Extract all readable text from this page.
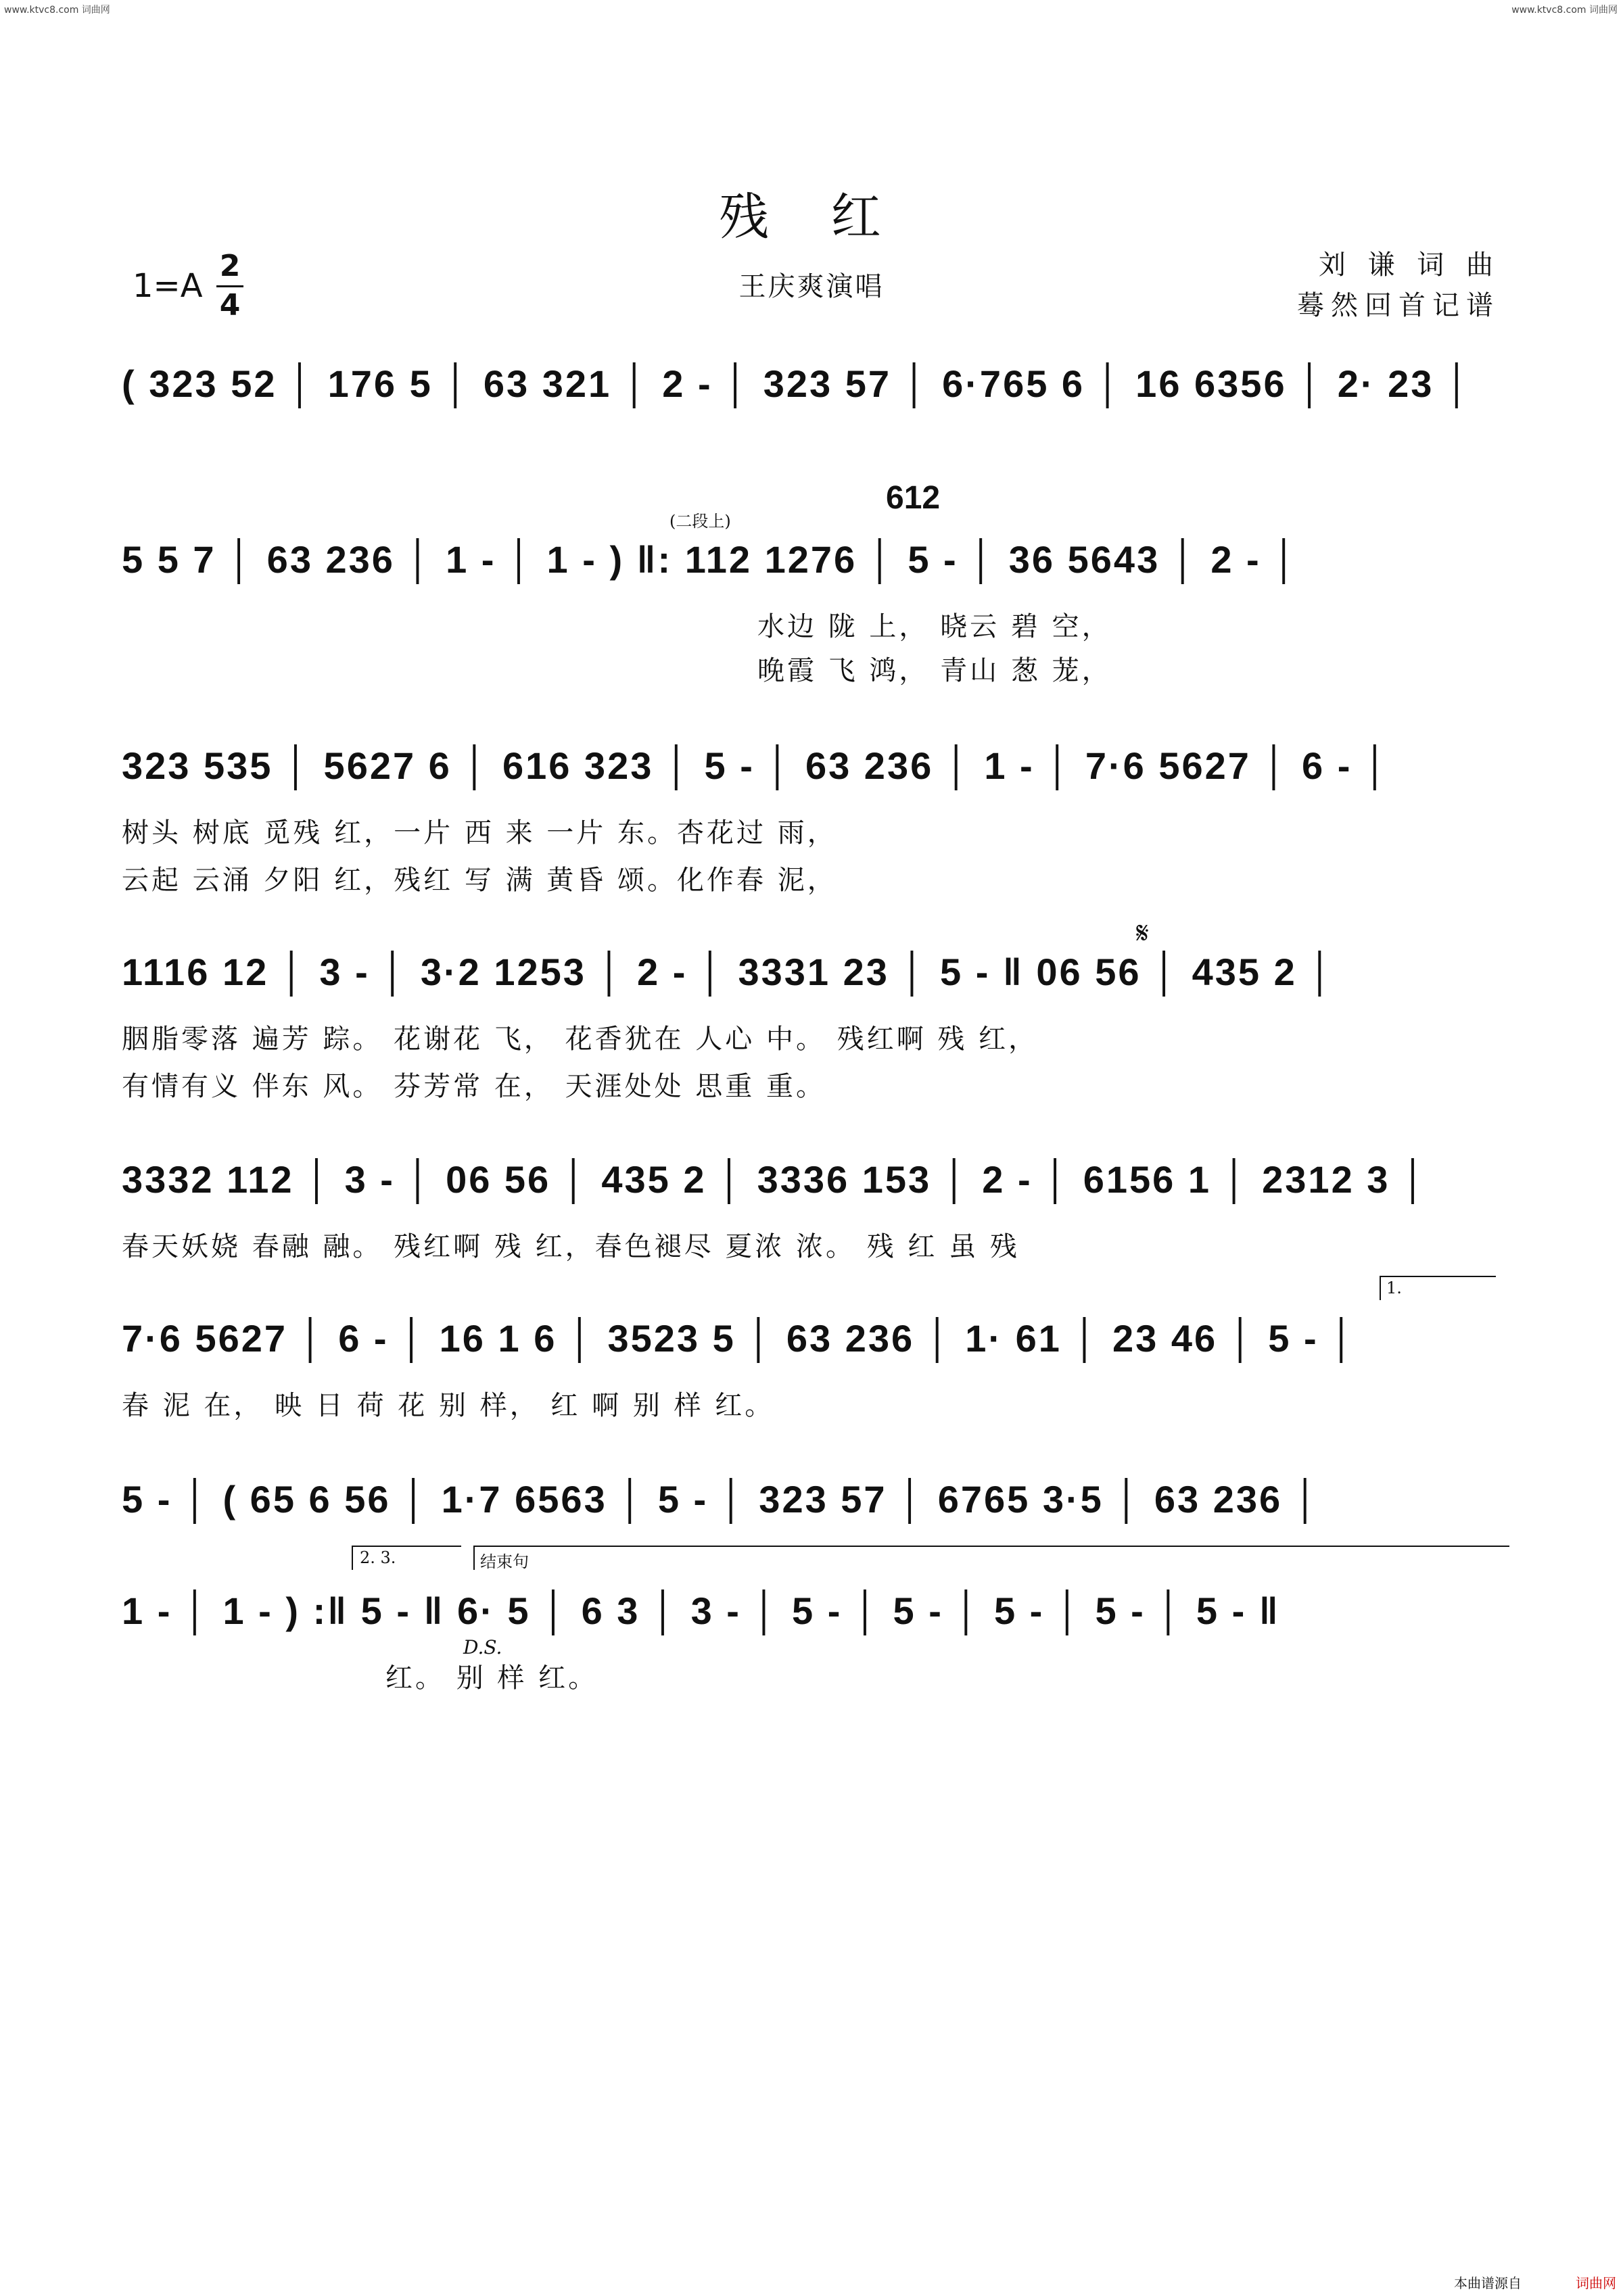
www.ktvc8.com 词曲网	www.ktvc8.com 词曲网
残 红
王庆爽演唱
刘 谦 词 曲
蓦然回首记谱
1=A
2
4
( 323 52 │ 176 5 │ 63 321 │ 2 - │ 323 57 │ 6·765 6 │ 16 6356 │ 2· 23 │
612
(二段上)
5 5 7 │ 63 236 │ 1 - │ 1 - ) ‖: 112 1276 │ 5 - │ 36 5643 │ 2 - │
水边 陇 上， 晓云 碧 空，
晚霞 飞 鸿， 青山 葱 茏，
323 535 │ 5627 6 │ 616 323 │ 5 - │ 63 236 │ 1 - │ 7·6 5627 │ 6 - │
树头 树底 觅残 红，一片 西 来 一片 东。杏花过 雨，
云起 云涌 夕阳 红，残红 写 满 黄昏 颂。化作春 泥，
𝄋
1116 12 │ 3 - │ 3·2 1253 │ 2 - │ 3331 23 │ 5 - ‖ 06 56 │ 435 2 │
胭脂零落 遍芳 踪。 花谢花 飞， 花香犹在 人心 中。 残红啊 残 红，
有情有义 伴东 风。 芬芳常 在， 天涯处处 思重 重。
3332 112 │ 3 - │ 06 56 │ 435 2 │ 3336 153 │ 2 - │ 6156 1 │ 2312 3 │
春天妖娆 春融 融。 残红啊 残 红，春色褪尽 夏浓 浓。 残 红 虽 残
1.
7·6 5627 │ 6 - │ 16 1 6 │ 3523 5 │ 63 236 │ 1· 61 │ 23 46 │ 5 - │
春 泥 在， 映 日 荷 花 别 样， 红 啊 别 样 红。
5 - │ ( 65 6 56 │ 1·7 6563 │ 5 - │ 323 57 │ 6765 3·5 │ 63 236 │
2. 3.	结束句
1 - │ 1 - ) :‖ 5 - ‖ 6· 5 │ 6 3 │ 3 - │ 5 - │ 5 - │ 5 - │ 5 - │ 5 - ‖
D.S.
红。 别 样 红。
本曲谱源自	词曲网
